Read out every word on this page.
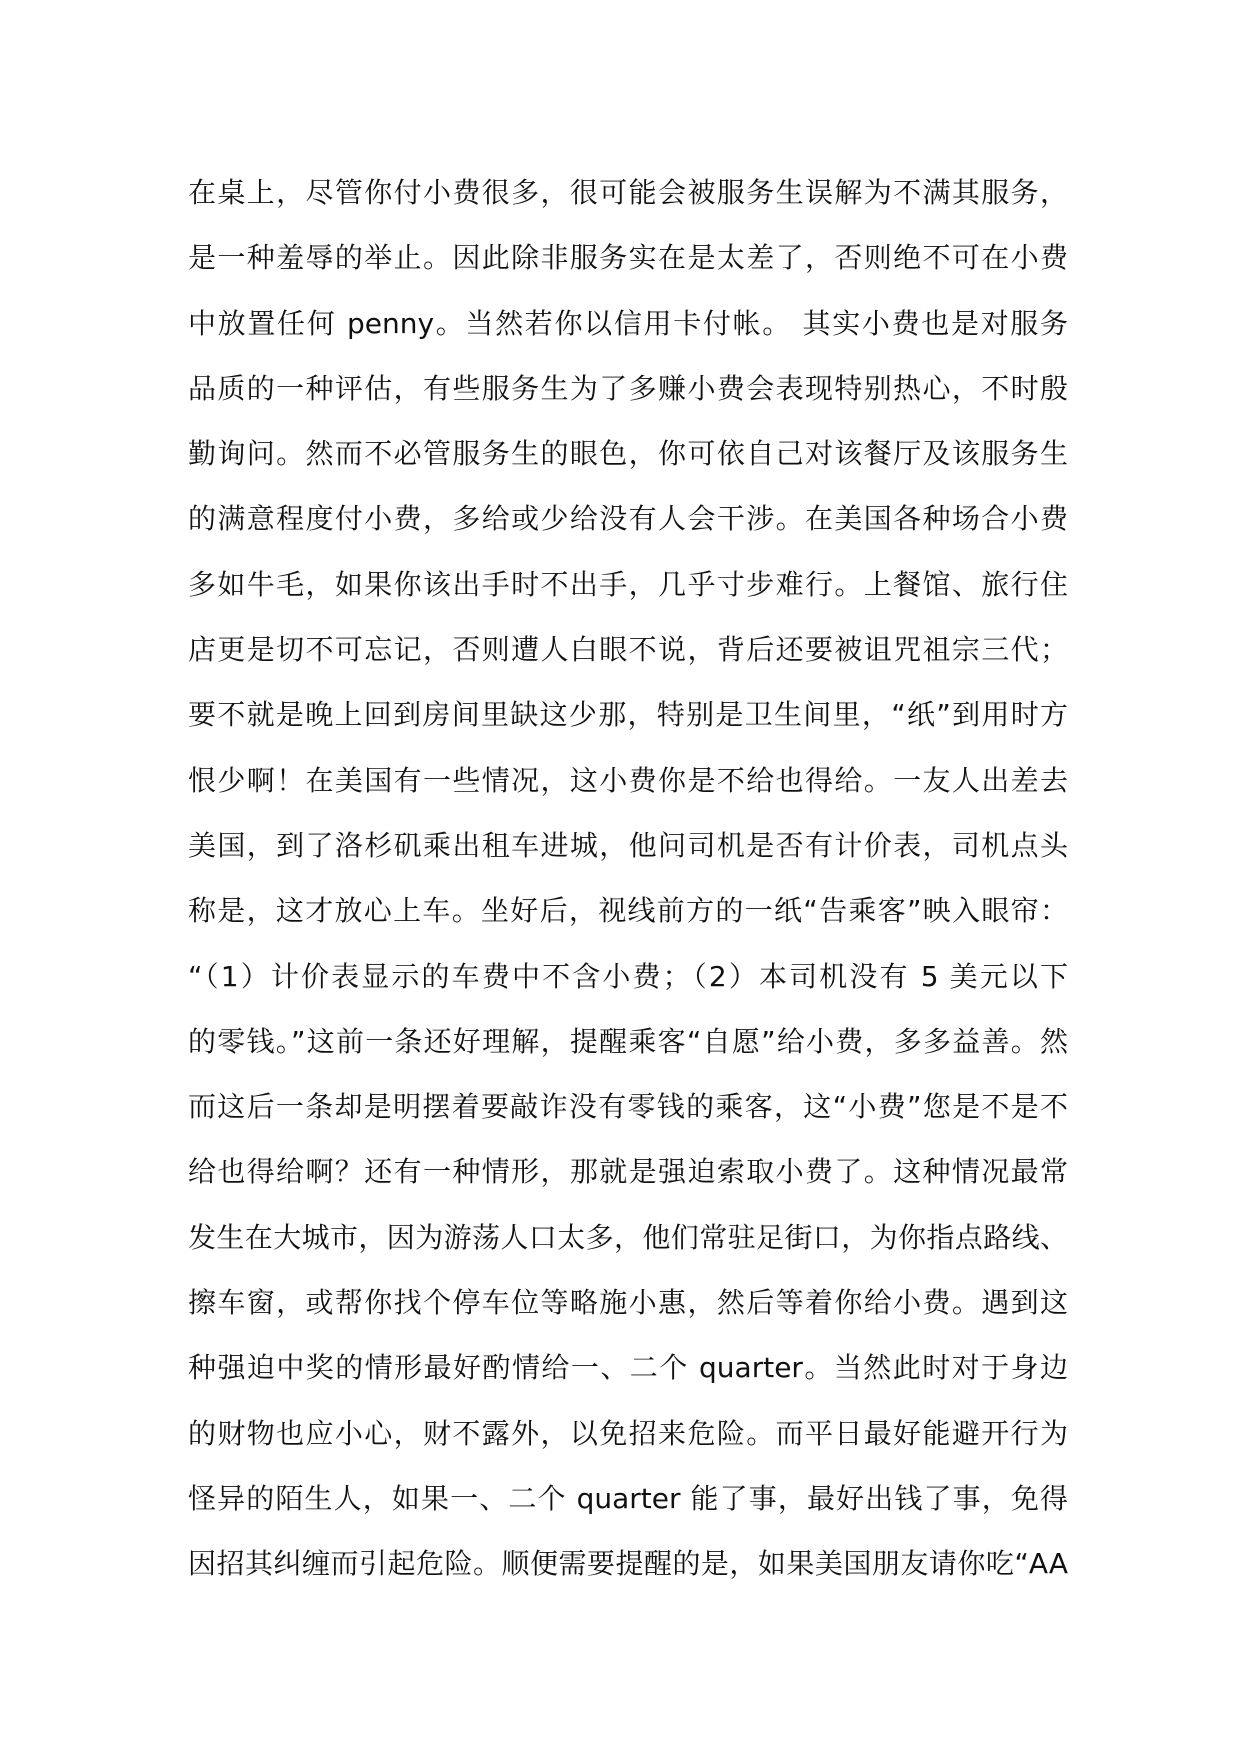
在桌上，尽管你付小费很多，很可能会被服务生误解为不满其服务，
是一种羞辱的举止。因此除非服务实在是太差了，否则绝不可在小费
中放置任何 penny。当然若你以信用卡付帐。 其实小费也是对服务
品质的一种评估，有些服务生为了多赚小费会表现特别热心，不时殷
勤询问。然而不必管服务生的眼色，你可依自己对该餐厅及该服务生
的满意程度付小费，多给或少给没有人会干涉。在美国各种场合小费
多如牛毛，如果你该出手时不出手，几乎寸步难行。上餐馆、旅行住
店更是切不可忘记，否则遭人白眼不说，背后还要被诅咒祖宗三代；
要不就是晚上回到房间里缺这少那，特别是卫生间里，“纸”到用时方
恨少啊！在美国有一些情况，这小费你是不给也得给。一友人出差去
美国，到了洛杉矶乘出租车进城，他问司机是否有计价表，司机点头
称是，这才放心上车。坐好后，视线前方的一纸“告乘客”映入眼帘：
“（1）计价表显示的车费中不含小费；（2）本司机没有 5 美元以下
的零钱。”这前一条还好理解，提醒乘客“自愿”给小费，多多益善。然
而这后一条却是明摆着要敲诈没有零钱的乘客，这“小费”您是不是不
给也得给啊？还有一种情形，那就是强迫索取小费了。这种情况最常
发生在大城市，因为游荡人口太多，他们常驻足街口，为你指点路线、
擦车窗，或帮你找个停车位等略施小惠，然后等着你给小费。遇到这
种强迫中奖的情形最好酌情给一、二个 quarter。当然此时对于身边
的财物也应小心，财不露外，以免招来危险。而平日最好能避开行为
怪异的陌生人，如果一、二个 quarter 能了事，最好出钱了事，免得
因招其纠缠而引起危险。顺便需要提醒的是，如果美国朋友请你吃“AA
